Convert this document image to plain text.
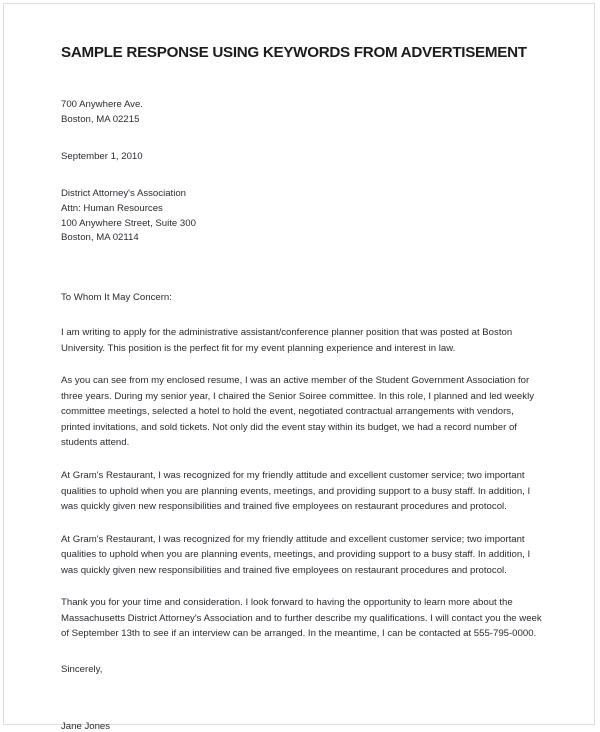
SAMPLE RESPONSE USING KEYWORDS FROM ADVERTISEMENT

700 Anywhere Ave.

Boston, MA 02215

September 1, 2010

District Attorney's Association

Attn: Human Resources

100 Anywhere Street, Suite 300

Boston, MA 02114

To Whom It May Concern:

I am writing to apply for the administrative assistant/conference planner position that was posted at Boston University. This position is the perfect fit for my event planning experience and interest in law.

As you can see from my enclosed resume, I was an active member of the Student Government Association for three years. During my senior year, I chaired the Senior Soiree committee. In this role, I planned and led weekly committee meetings, selected a hotel to hold the event, negotiated contractual arrangements with vendors, printed invitations, and sold tickets. Not only did the event stay within its budget, we had a record number of students attend.

At Gram's Restaurant, I was recognized for my friendly attitude and excellent customer service; two important qualities to uphold when you are planning events, meetings, and providing support to a busy staff. In addition, I was quickly given new responsibilities and trained five employees on restaurant procedures and protocol.

At Gram's Restaurant, I was recognized for my friendly attitude and excellent customer service; two important qualities to uphold when you are planning events, meetings, and providing support to a busy staff. In addition, I was quickly given new responsibilities and trained five employees on restaurant procedures and protocol.

Thank you for your time and consideration. I look forward to having the opportunity to learn more about the Massachusetts District Attorney's Association and to further describe my qualifications. I will contact you the week of September 13th to see if an interview can be arranged. In the meantime, I can be contacted at 555-795-0000.

Sincerely,

Jane Jones
